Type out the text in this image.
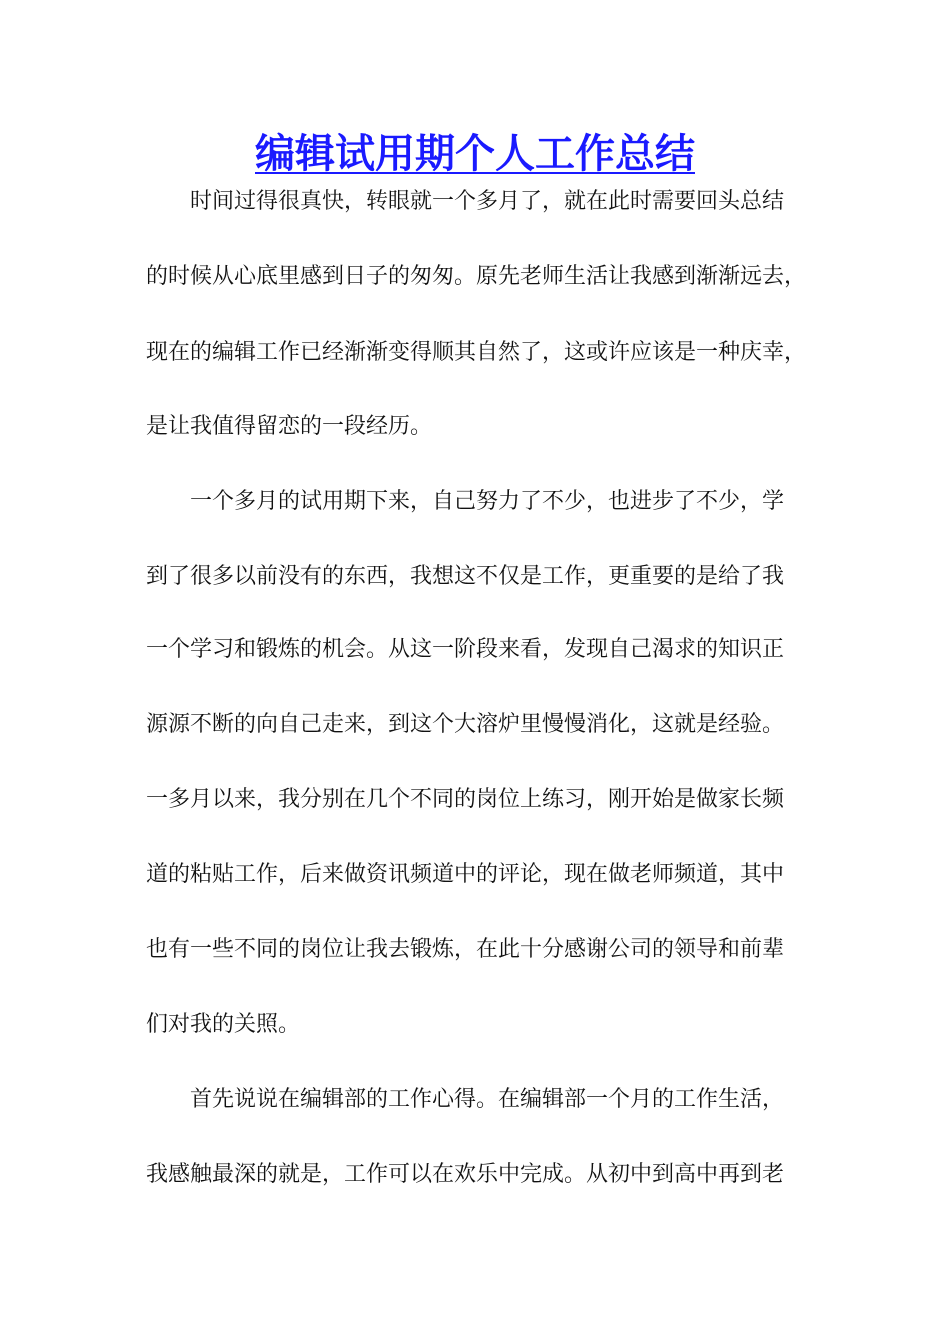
编辑试用期个人工作总结

时间过得很真快，转眼就一个多月了，就在此时需要回头总结

的时候从心底里感到日子的匆匆。原先老师生活让我感到渐渐远去，

现在的编辑工作已经渐渐变得顺其自然了，这或许应该是一种庆幸，

是让我值得留恋的一段经历。

一个多月的试用期下来，自己努力了不少，也进步了不少，学

到了很多以前没有的东西，我想这不仅是工作，更重要的是给了我

一个学习和锻炼的机会。从这一阶段来看，发现自己渴求的知识正

源源不断的向自己走来，到这个大溶炉里慢慢消化，这就是经验。

一多月以来，我分别在几个不同的岗位上练习，刚开始是做家长频

道的粘贴工作，后来做资讯频道中的评论，现在做老师频道，其中

也有一些不同的岗位让我去锻炼，在此十分感谢公司的领导和前辈

们对我的关照。

首先说说在编辑部的工作心得。在编辑部一个月的工作生活，

我感触最深的就是，工作可以在欢乐中完成。从初中到高中再到老
